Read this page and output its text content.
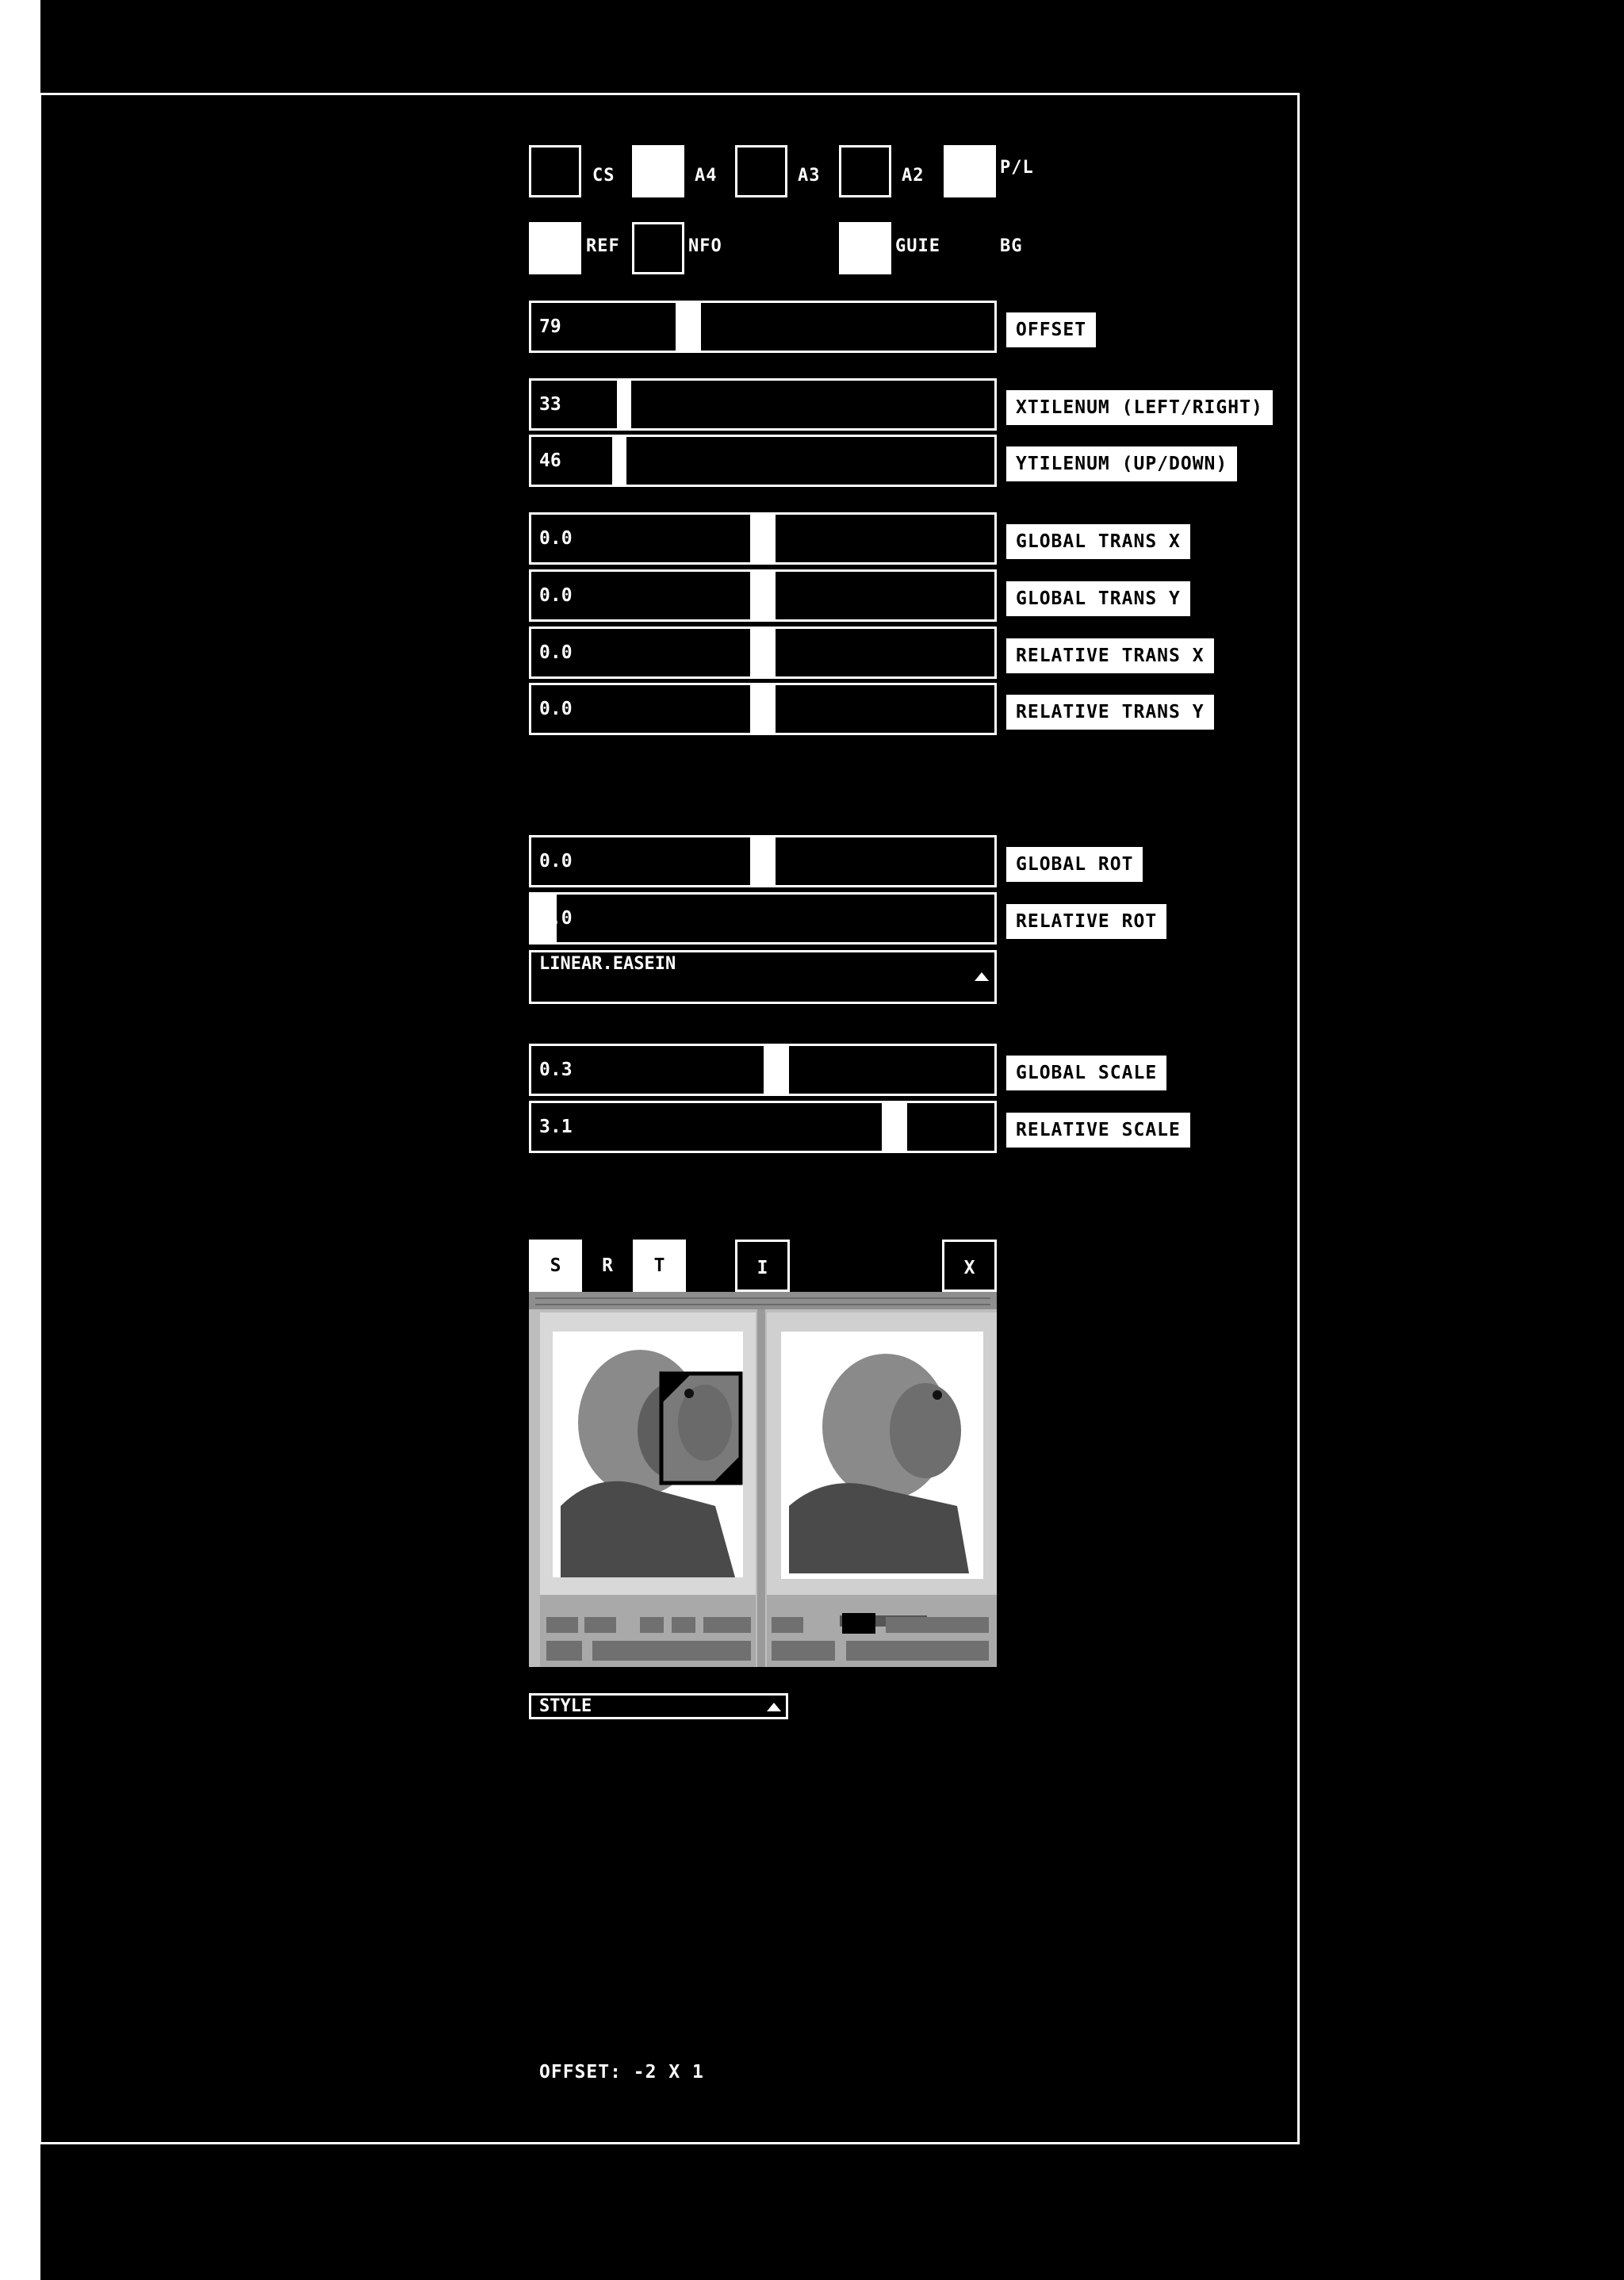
CS	A4	A3	A2	P/L
REF	NFO	GUIE	BG
79	OFFSET
33	XTILENUM (LEFT/RIGHT)
46	YTILENUM (UP/DOWN)
0.0	GLOBAL TRANS X
0.0	GLOBAL TRANS Y
0.0	RELATIVE TRANS X
0.0	RELATIVE TRANS Y
0.0	GLOBAL ROT
0.0	RELATIVE ROT
LINEAR.EASEIN
0.3	GLOBAL SCALE
3.1	RELATIVE SCALE
S	R	T	I	X
STYLE
OFFSET: -2 X 1
